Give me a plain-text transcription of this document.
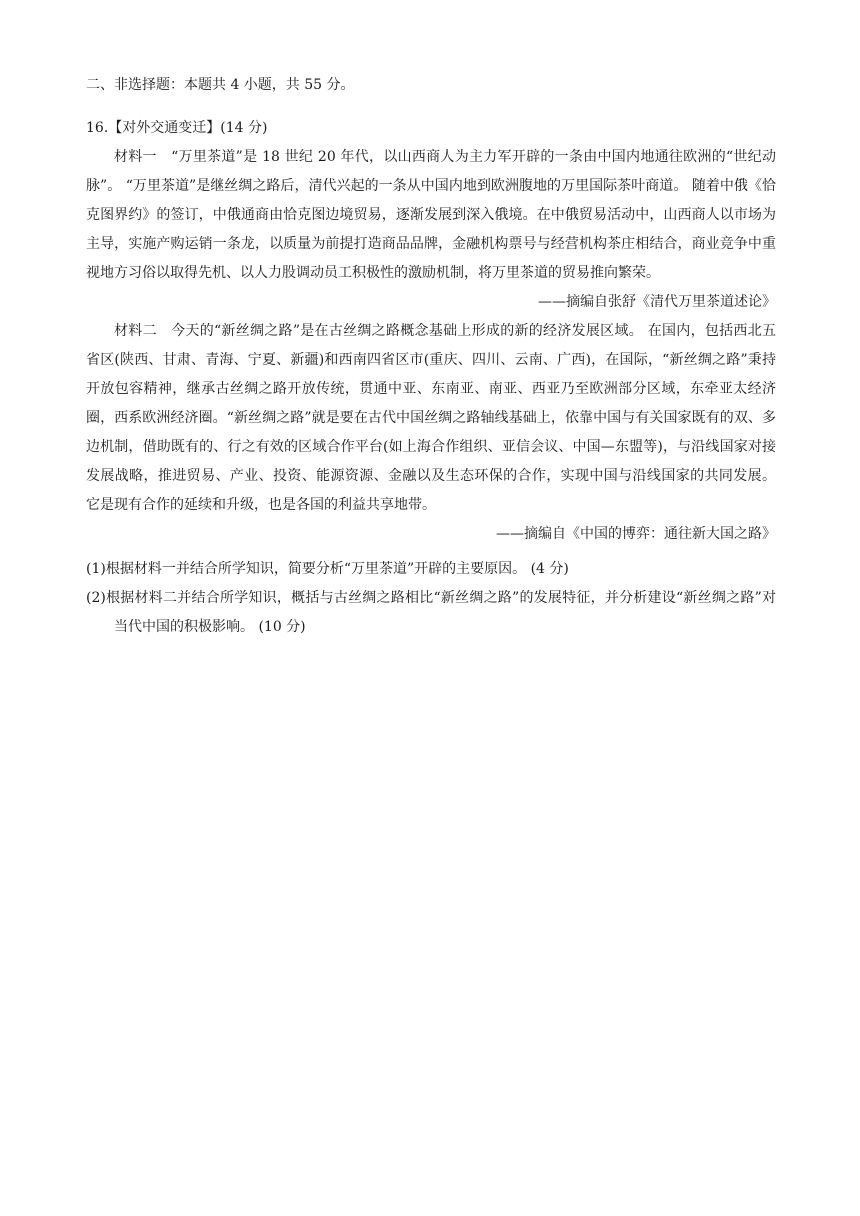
二、非选择题：本题共 4 小题，共 55 分。
16.【对外交通变迁】(14 分)

材料一　“万里茶道”是 18 世纪 20 年代，以山西商人为主力军开辟的一条由中国内地通往欧洲的“世纪动脉”。 “万里茶道”是继丝绸之路后，清代兴起的一条从中国内地到欧洲腹地的万里国际茶叶商道。 随着中俄《恰克图界约》的签订，中俄通商由恰克图边境贸易，逐渐发展到深入俄境。在中俄贸易活动中，山西商人以市场为主导，实施产购运销一条龙，以质量为前提打造商品品牌，金融机构票号与经营机构茶庄相结合，商业竞争中重视地方习俗以取得先机、以人力股调动员工积极性的激励机制，将万里茶道的贸易推向繁荣。

——摘编自张舒《清代万里茶道述论》

材料二　今天的“新丝绸之路”是在古丝绸之路概念基础上形成的新的经济发展区域。 在国内，包括西北五省区(陕西、甘肃、青海、宁夏、新疆)和西南四省区市(重庆、四川、云南、广西)，在国际，“新丝绸之路”秉持开放包容精神，继承古丝绸之路开放传统，贯通中亚、东南亚、南亚、西亚乃至欧洲部分区域，东牵亚太经济圈，西系欧洲经济圈。“新丝绸之路”就是要在古代中国丝绸之路轴线基础上，依靠中国与有关国家既有的双、多边机制，借助既有的、行之有效的区域合作平台(如上海合作组织、亚信会议、中国—东盟等)，与沿线国家对接发展战略，推进贸易、产业、投资、能源资源、金融以及生态环保的合作，实现中国与沿线国家的共同发展。 它是现有合作的延续和升级，也是各国的利益共享地带。

——摘编自《中国的博弈：通往新大国之路》

(1)根据材料一并结合所学知识，简要分析“万里茶道”开辟的主要原因。 (4 分)

(2)根据材料二并结合所学知识，概括与古丝绸之路相比“新丝绸之路”的发展特征，并分析建设“新丝绸之路”对当代中国的积极影响。 (10 分)
